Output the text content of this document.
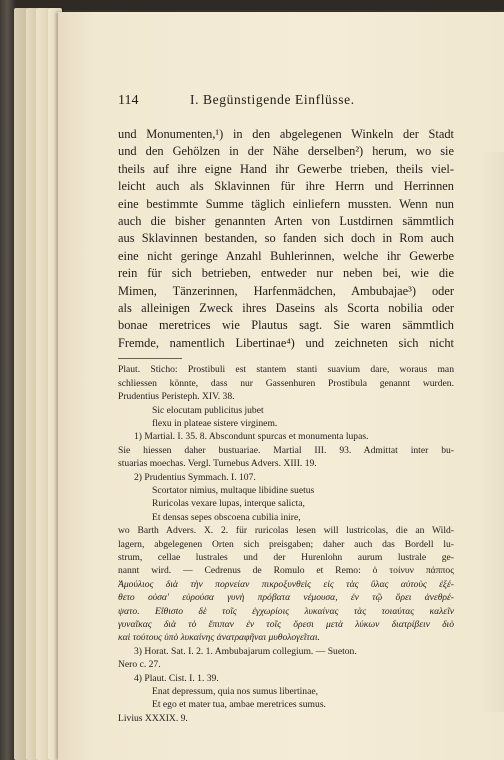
114	I. Begünstigende Einflüsse.
und Monumenten,¹) in den abgelegenen Winkeln der Stadt
und den Gehölzen in der Nähe derselben²) herum, wo sie
theils auf ihre eigne Hand ihr Gewerbe trieben, theils viel-
leicht auch als Sklavinnen für ihre Herrn und Herrinnen
eine bestimmte Summe täglich einliefern mussten. Wenn nun
auch die bisher genannten Arten von Lustdirnen sämmtlich
aus Sklavinnen bestanden, so fanden sich doch in Rom auch
eine nicht geringe Anzahl Buhlerinnen, welche ihr Gewerbe
rein für sich betrieben, entweder nur neben bei, wie die
Mimen, Tänzerinnen, Harfenmädchen, Ambubajae³) oder
als alleinigen Zweck ihres Daseins als Scorta nobilia oder
bonae meretrices wie Plautus sagt. Sie waren sämmtlich
Fremde, namentlich Libertinae⁴) und zeichneten sich nicht
Plaut. Sticho: Prostibuli est stantem stanti suavium dare, woraus man
schliessen könnte, dass nur Gassenhuren Prostibula genannt wurden.
Prudentius Peristeph. XIV. 38.
Sic elocutam publicitus jubet
flexu in plateae sistere virginem.
1) Martial. I. 35. 8. Abscondunt spurcas et monumenta lupas.
Sie hiessen daher bustuariae. Martial III. 93. Admittat inter bu-
stuarias moechas. Vergl. Turnebus Advers. XIII. 19.
2) Prudentius Symmach. I. 107.
Scortator nimius, multaque libidine suetus
Ruricolas vexare lupas, interque salicta,
Et densas sepes obscoena cubilia inire,
wo Barth Advers. X. 2. für ruricolas lesen will lustricolas, die an Wild-
lagern, abgelegenen Orten sich preisgaben; daher auch das Bordell lu-
strum, cellae lustrales und der Hurenlohn aurum lustrale ge-
nannt wird. — Cedrenus de Romulo et Remo: ὁ τοίνυν πάππος
Ἀμούλιος διὰ τὴν πορνείαν πικροξυνθεὶς εἰς τὰς ὕλας αὐτοὺς ἐξέ-
θετο οὐσα' εὐρούσα γυνὴ πρόβατα νέμουσα, ἐν τῷ ὄρει ἀνεθρέ-
ψατο. Εἴθισto δὲ τοῖς ἐγχωρίοις λυκαίνας τὰς τοιαύτας καλεῖν
γυναῖκας διὰ τὸ ἔπιπαν ἐν τοῖς ὄρεσι μετὰ λύκων διατρίβειν διὸ
καὶ τούτους ὑπὸ λυκαίνης ἀνατραφῆναι μυθολογεῖται.
3) Horat. Sat. I. 2. 1. Ambubajarum collegium. — Sueton.
Nero c. 27.
4) Plaut. Cist. I. 1. 39.
Enat depressum, quia nos sumus libertinae,
Et ego et mater tua, ambae meretrices sumus.
Livius XXXIX. 9.
